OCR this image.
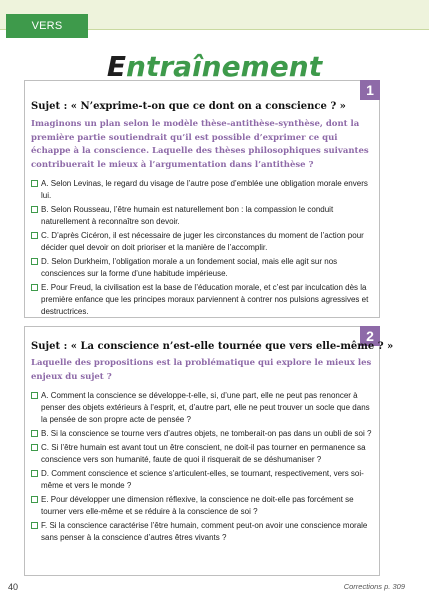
VERS L'ÉPREUVE	Entraînement
1
Sujet : « N’exprime-t-on que ce dont on a conscience ? »
Imaginons un plan selon le modèle thèse-antithèse-synthèse, dont la première partie soutiendrait qu’il est possible d’exprimer ce qui échappe à la conscience. Laquelle des thèses philosophiques suivantes contribuerait le mieux à l’argumentation dans l’antithèse ?
A. Selon Levinas, le regard du visage de l’autre pose d’emblée une obligation morale envers lui.
B. Selon Rousseau, l’être humain est naturellement bon : la compassion le conduit naturellement à reconnaître son devoir.
C. D’après Cicéron, il est nécessaire de juger les circonstances du moment de l’action pour décider quel devoir on doit prioriser et la manière de l’accomplir.
D. Selon Durkheim, l’obligation morale a un fondement social, mais elle agit sur nos consciences sur la forme d’une habitude impérieuse.
E. Pour Freud, la civilisation est la base de l’éducation morale, et c’est par inculcation dès la première enfance que les principes moraux parviennent à contrer nos pulsions agressives et destructrices.
2
Sujet : « La conscience n’est-elle tournée que vers elle-même ? »
Laquelle des propositions est la problématique qui explore le mieux les enjeux du sujet ?
A. Comment la conscience se développe-t-elle, si, d’une part, elle ne peut pas renoncer à penser des objets extérieurs à l’esprit, et, d’autre part, elle ne peut trouver un socle que dans la pensée de son propre acte de pensée ?
B. Si la conscience se tourne vers d’autres objets, ne tomberait-on pas dans un oubli de soi ?
C. Si l’être humain est avant tout un être conscient, ne doit-il pas tourner en permanence sa conscience vers son humanité, faute de quoi il risquerait de se déshumaniser ?
D. Comment conscience et science s’articulent-elles, se tournant, respectivement, vers soi-même et vers le monde ?
E. Pour développer une dimension réflexive, la conscience ne doit-elle pas forcément se tourner vers elle-même et se réduire à la conscience de soi ?
F. Si la conscience caractérise l’être humain, comment peut-on avoir une conscience morale sans penser à la conscience d’autres êtres vivants ?
40	Corrections p. 309
